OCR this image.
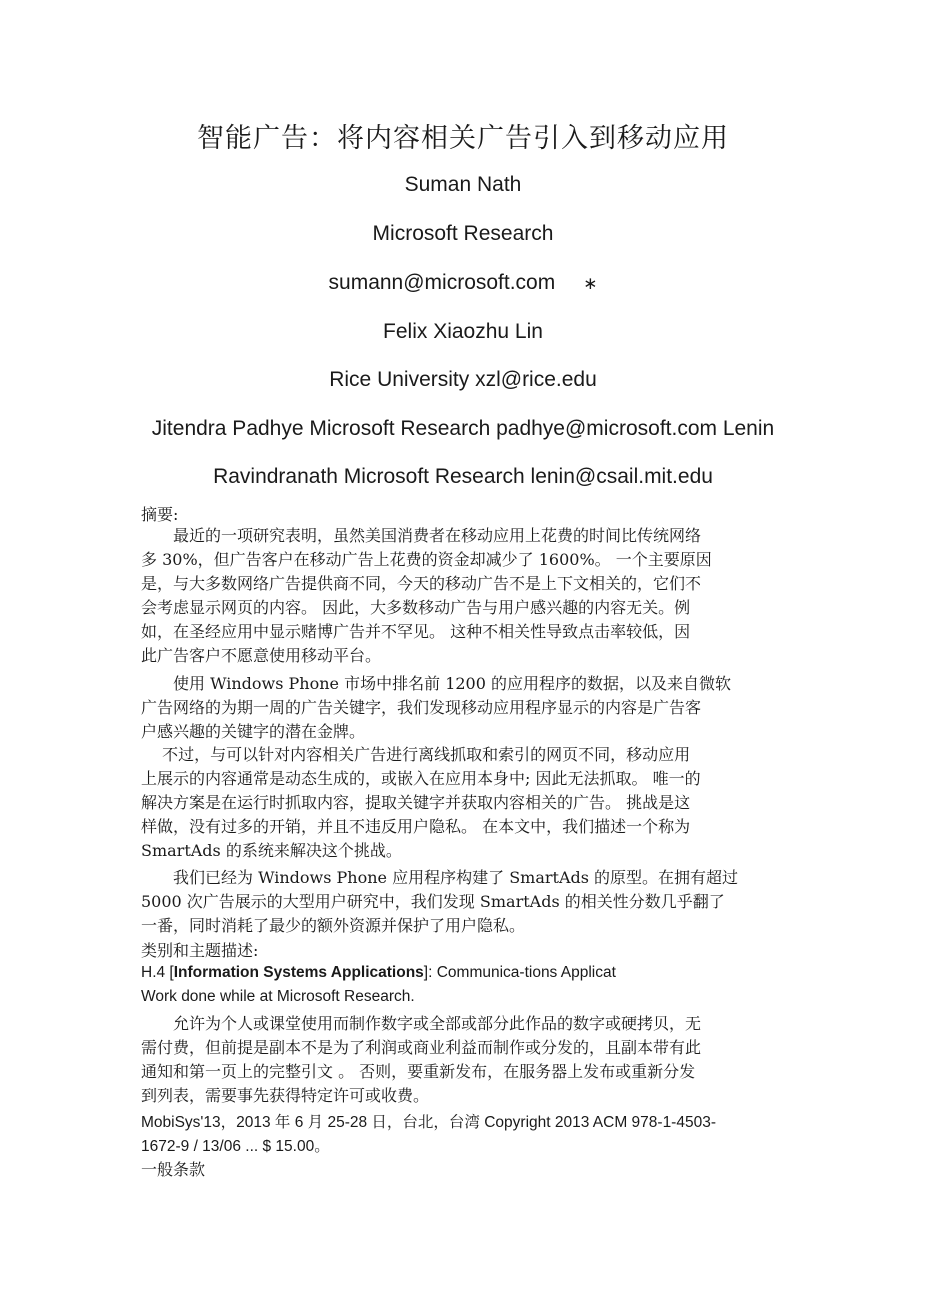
智能广告：将内容相关广告引入到移动应用
Suman Nath
Microsoft Research
sumann@microsoft.com ∗
Felix Xiaozhu Lin
Rice University xzl@rice.edu
Jitendra Padhye Microsoft Research padhye@microsoft.com Lenin
Ravindranath Microsoft Research lenin@csail.mit.edu
摘要:
　　最近的一项研究表明，虽然美国消费者在移动应用上花费的时间比传统网络
多 30%，但广告客户在移动广告上花费的资金却减少了 1600%。 一个主要原因
是，与大多数网络广告提供商不同，今天的移动广告不是上下文相关的，它们不
会考虑显示网页的内容。 因此，大多数移动广告与用户感兴趣的内容无关。例
如，在圣经应用中显示赌博广告并不罕见。 这种不相关性导致点击率较低，因
此广告客户不愿意使用移动平台。
　　使用 Windows Phone 市场中排名前 1200 的应用程序的数据，以及来自微软
广告网络的为期一周的广告关键字，我们发现移动应用程序显示的内容是广告客
户感兴趣的关键字的潜在金牌。
　 不过，与可以针对内容相关广告进行离线抓取和索引的网页不同，移动应用
上展示的内容通常是动态生成的，或嵌入在应用本身中; 因此无法抓取。 唯一的
解决方案是在运行时抓取内容，提取关键字并获取内容相关的广告。 挑战是这
样做，没有过多的开销，并且不违反用户隐私。 在本文中，我们描述一个称为
SmartAds 的系统来解决这个挑战。
　　我们已经为 Windows Phone 应用程序构建了 SmartAds 的原型。在拥有超过
5000 次广告展示的大型用户研究中，我们发现 SmartAds 的相关性分数几乎翻了
一番，同时消耗了最少的额外资源并保护了用户隐私。
类别和主题描述:
H.4 [Information Systems Applications]: Communica-tions Applicat
Work done while at Microsoft Research.
　　允许为个人或课堂使用而制作数字或全部或部分此作品的数字或硬拷贝，无
需付费，但前提是副本不是为了利润或商业利益而制作或分发的，且副本带有此
通知和第一页上的完整引文 。 否则，要重新发布，在服务器上发布或重新分发
到列表，需要事先获得特定许可或收费。
MobiSys'13，2013 年 6 月 25-28 日，台北，台湾 Copyright 2013 ACM 978-1-4503-
1672-9 / 13/06 ... $ 15.00。
一般条款
